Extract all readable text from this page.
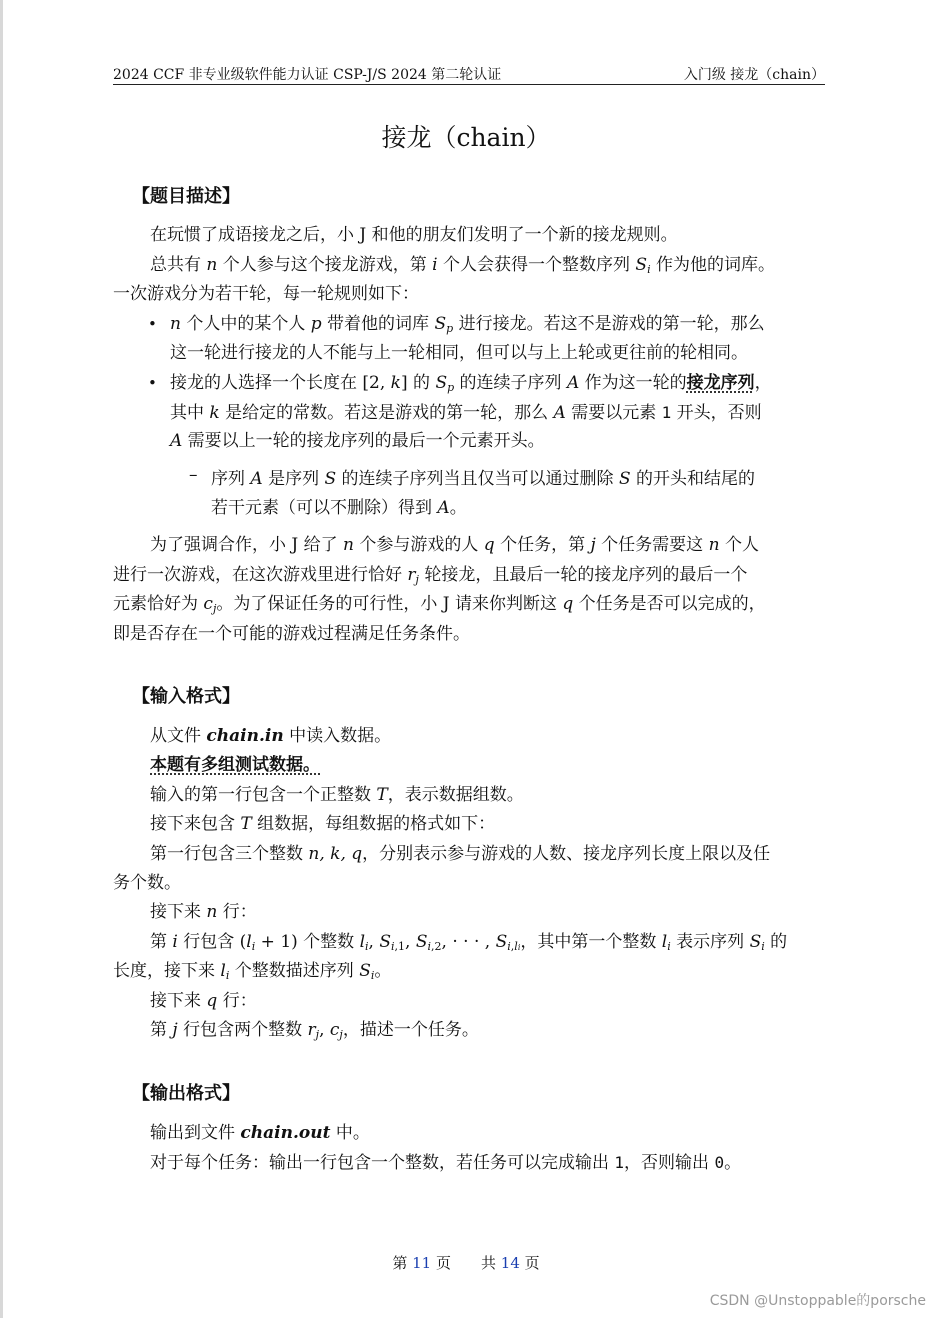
2024 CCF 非专业级软件能力认证 CSP-J/S 2024 第二轮认证	入门级 接龙（chain）
接龙（chain）
【题目描述】
在玩惯了成语接龙之后，小 J 和他的朋友们发明了一个新的接龙规则。
总共有 n 个人参与这个接龙游戏，第 i 个人会获得一个整数序列 $S_i$ 作为他的词库。
一次游戏分为若干轮，每一轮规则如下：
• n 个人中的某个人 p 带着他的词库 $S_p$ 进行接龙。若这不是游戏的第一轮，那么
这一轮进行接龙的人不能与上一轮相同，但可以与上上轮或更往前的轮相同。
• 接龙的人选择一个长度在 [2, k] 的 $S_p$ 的连续子序列 A 作为这一轮的接龙序列，
其中 k 是给定的常数。若这是游戏的第一轮，那么 A 需要以元素 1 开头，否则
A 需要以上一轮的接龙序列的最后一个元素开头。
– 序列 A 是序列 S 的连续子序列当且仅当可以通过删除 S 的开头和结尾的
若干元素（可以不删除）得到 A。
为了强调合作，小 J 给了 n 个参与游戏的人 q 个任务，第 j 个任务需要这 n 个人
进行一次游戏，在这次游戏里进行恰好 $r_j$ 轮接龙，且最后一轮的接龙序列的最后一个
元素恰好为 $c_j$。为了保证任务的可行性，小 J 请来你判断这 q 个任务是否可以完成的，
即是否存在一个可能的游戏过程满足任务条件。
【输入格式】
从文件 chain.in 中读入数据。
本题有多组测试数据。
输入的第一行包含一个正整数 T，表示数据组数。
接下来包含 T 组数据，每组数据的格式如下：
第一行包含三个整数 n, k, q，分别表示参与游戏的人数、接龙序列长度上限以及任
务个数。
接下来 n 行：
第 i 行包含 $(l_i + 1)$ 个整数 $l_i$, $S_{i,1}$, $S_{i,2}$, · · · , $S_{i,li}$，其中第一个整数 $l_i$ 表示序列 $S_i$ 的
长度，接下来 $l_i$ 个整数描述序列 $S_i$。
接下来 q 行：
第 j 行包含两个整数 $r_j$, $c_j$，描述一个任务。
【输出格式】
输出到文件 chain.out 中。
对于每个任务：输出一行包含一个整数，若任务可以完成输出 1，否则输出 0。
第 11 页　　共 14 页
CSDN @Unstoppable的porsche
